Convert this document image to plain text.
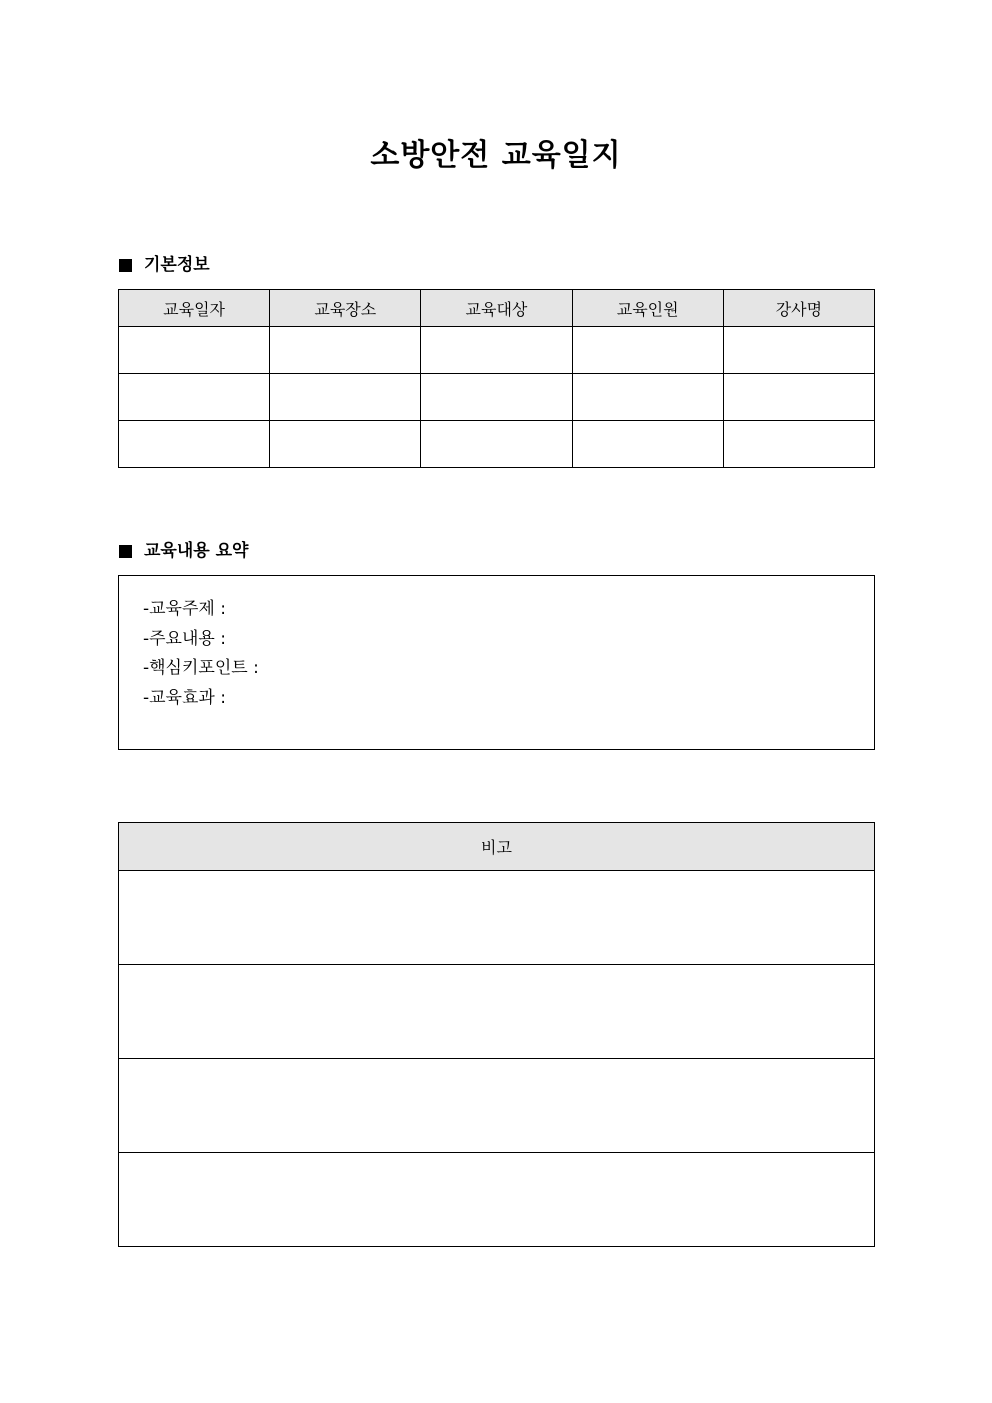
소방안전 교육일지
기본정보
교육일자	교육장소	교육대상	교육인원	강사명

교육내용 요약
-교육주제 :
-주요내용 :
-핵심키포인트 :
-교육효과 :
비고
